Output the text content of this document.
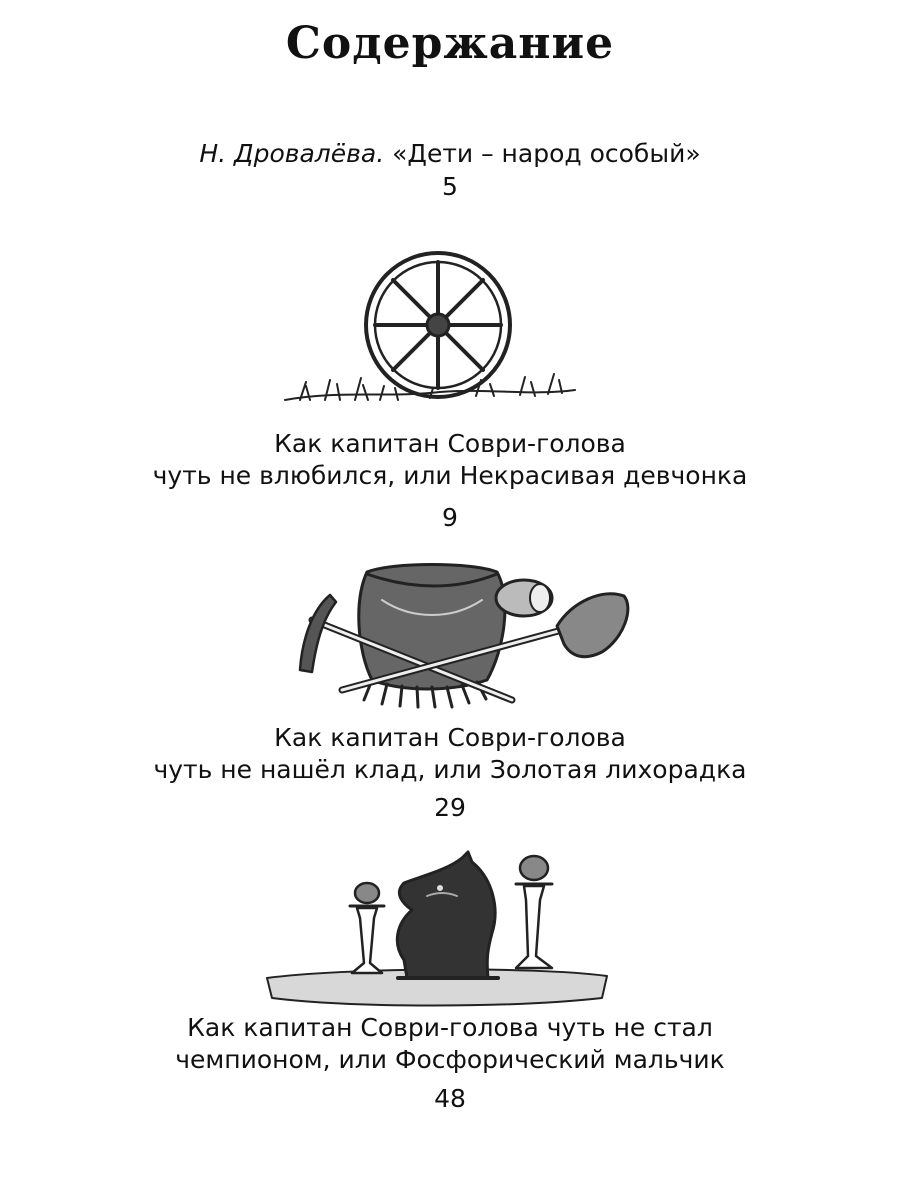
Содержание
Н. Дровалёва. «Дети – народ особый»
5
Как капитан Соври-голова
чуть не влюбился, или Некрасивая девчонка
9
Как капитан Соври-голова
чуть не нашёл клад, или Золотая лихорадка
29
Как капитан Соври-голова чуть не стал
чемпионом, или Фосфорический мальчик
48
